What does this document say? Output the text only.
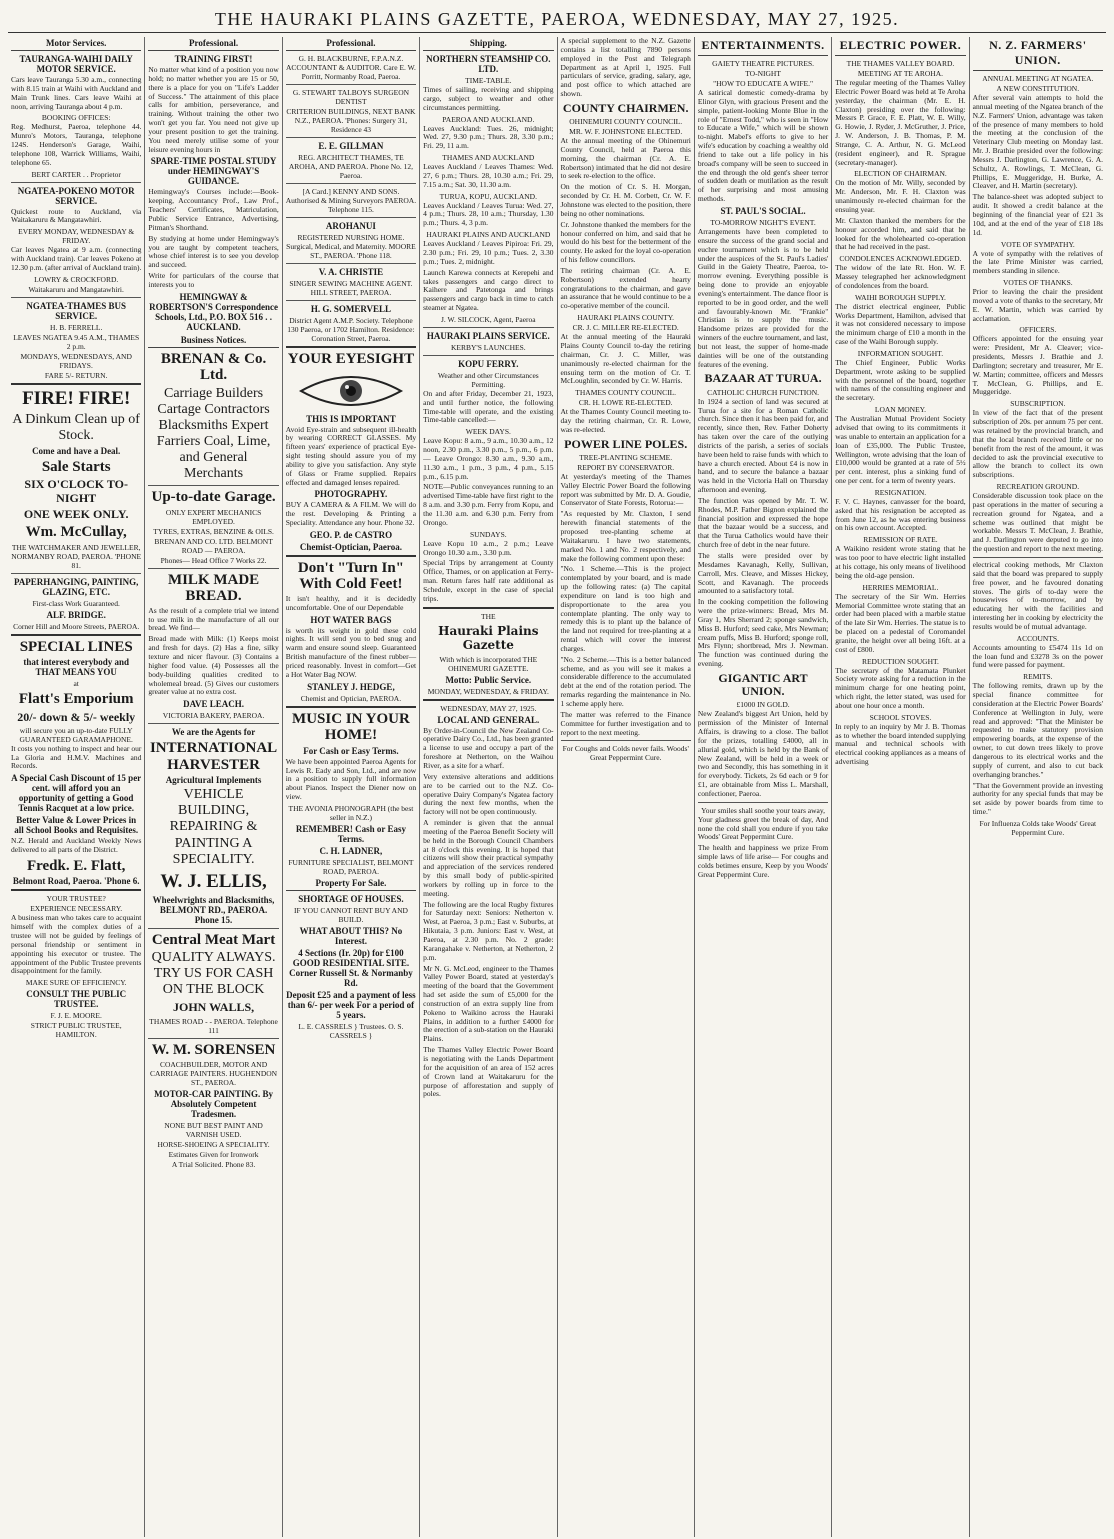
THE HAURAKI PLAINS GAZETTE, PAEROA, WEDNESDAY, MAY 27, 1925.
Motor Services.
TAURANGA-WAIHI DAILY MOTOR SERVICE.

Cars leave Tauranga 5.30 a.m., connecting with 8.15 train at Waihi with Auckland and Main Trunk lines. Cars leave Waihi at noon, arriving Tauranga about 4 p.m.

BOOKING OFFICES:

Reg. Medhurst, Paeroa, telephone 44. Munro's Motors, Tauranga, telephone 124S. Henderson's Garage, Waihi, telephone 108, Warrick Williams, Waihi, telephone 65.

BERT CARTER . . Proprietor
NGATEA-POKENO MOTOR SERVICE.

Quickest route to Auckland, via Waitakaruru & Mangatawhiri.

EVERY MONDAY, WEDNESDAY & FRIDAY.

Car leaves Ngatea at 9 a.m. (connecting with Auckland train). Car leaves Pokeno at 12.30 p.m. (after arrival of Auckland train).

LOWRY & CROCKFORD.
Waitakaruru and Mangatawhiri.
NGATEA-THAMES BUS SERVICE.
H. B. FERRELL.
LEAVES NGATEA 9.45 A.M., THAMES 2 p.m.
MONDAYS, WEDNESDAYS, AND FRIDAYS.
FARE 5/- RETURN.
FIRE! FIRE!
A Dinkum Clean up of Stock.
Come and have a Deal.
Sale Starts
SIX O'CLOCK TO-NIGHT
ONE WEEK ONLY.
Wm. McCullay,
THE WATCHMAKER AND JEWELLER, NORMANBY ROAD, PAEROA. 'PHONE 81.
PAPERHANGING, PAINTING, GLAZING, ETC.
First-class Work Guaranteed.
ALF. BRIDGE.
Corner Hill and Moore Streets, PAEROA.
SPECIAL LINES
that interest everybody and THAT MEANS YOU
at
Flatt's Emporium
20/- down & 5/- weekly
will secure you an up-to-date FULLY GUARANTEED GARAMAPHONE.

It costs you nothing to inspect and hear our La Gloria and H.M.V. Machines and Records.

A Special Cash Discount of 15 per cent. will afford you an opportunity of getting a Good Tennis Racquet at a low price.
Better Value & Lower Prices in all School Books and Requisites.

N.Z. Herald and Auckland Weekly News delivered to all parts of the District.

Fredk. E. Flatt,
Belmont Road, Paeroa. 'Phone 6.
YOUR TRUSTEE?
EXPERIENCE NECESSARY.

A business man who takes care to acquaint himself with the complex duties of a trustee will not be guided by feelings of personal friendship or sentiment in appointing his executor or trustee. The appointment of the Public Trustee prevents disappointment for the family.

MAKE SURE OF EFFICIENCY.
CONSULT THE PUBLIC TRUSTEE.
F. J. E. MOORE.
STRICT PUBLIC TRUSTEE, HAMILTON.
Professional.
TRAINING FIRST!

No matter what kind of a position you now hold; no matter whether you are 15 or 50, there is a place for you on "Life's Ladder of Success." The attainment of this place calls for ambition, perseverance, and training. Without training the other two won't get you far. You need not give up your present position to get the training. You need merely utilise some of your leisure evening hours in

SPARE-TIME POSTAL STUDY under HEMINGWAY'S GUIDANCE.

Hemingway's Courses include:—Book-keeping, Accountancy Prof., Law Prof., Teachers' Certificates, Matriculation, Public Service Entrance, Advertising, Pitman's Shorthand.

By studying at home under Hemingway's you are taught by competent teachers, whose chief interest is to see you develop and succeed.

Write for particulars of the course that interests you to

HEMINGWAY & ROBERTSON'S Correspondence Schools, Ltd., P.O. BOX 516 . . AUCKLAND.
Business Notices.
BRENAN & Co. Ltd.
Carriage Builders Cartage Contractors Blacksmiths Expert Farriers Coal, Lime, and General Merchants
Up-to-date Garage.
ONLY EXPERT MECHANICS EMPLOYED.
TYRES, EXTRAS, BENZINE & OILS.
BRENAN AND CO. LTD. BELMONT ROAD — PAEROA.
Phones— Head Office 7 Works 22.
MILK MADE BREAD.

As the result of a complete trial we intend to use milk in the manufacture of all our bread. We find—

Bread made with Milk: (1) Keeps moist and fresh for days. (2) Has a fine, silky texture and nicer flavour. (3) Contains a higher food value. (4) Possesses all the body-building qualities credited to wholemeal bread. (5) Gives our customers greater value at no extra cost.

DAVE LEACH.
VICTORIA BAKERY, PAEROA.
We are the Agents for
INTERNATIONAL HARVESTER
Agricultural Implements
VEHICLE BUILDING, REPAIRING & PAINTING A SPECIALITY.
W. J. ELLIS,
Wheelwrights and Blacksmiths, BELMONT RD., PAEROA. Phone 15.
Central Meat Mart
QUALITY ALWAYS. TRY US FOR CASH ON THE BLOCK
JOHN WALLS,
THAMES ROAD - - PAEROA. Telephone 111
W. M. SORENSEN
COACHBUILDER, MOTOR AND CARRIAGE PAINTERS. HUGHENDON ST., PAEROA.
MOTOR-CAR PAINTING. By Absolutely Competent Tradesmen.
NONE BUT BEST PAINT AND VARNISH USED.
HORSE-SHOEING A SPECIALITY.
Estimates Given for Ironwork
A Trial Solicited. Phone 83.
Professional.
G. H. BLACKBURNE, F.P.A.N.Z. ACCOUNTANT & AUDITOR. Care E. W. Porritt, Normanby Road, Paeroa.
G. STEWART TALBOYS SURGEON DENTIST
CRITERION BUILDINGS, NEXT BANK N.Z., PAEROA. 'Phones: Surgery 31, Residence 43
E. E. GILLMAN
REG. ARCHITECT THAMES, TE AROHA, AND PAEROA. Phone No. 12, Paeroa.
[A Card.] KENNY AND SONS. Authorised & Mining Surveyors PAEROA. Telephone 115.
AROHANUI
REGISTERED NURSING HOME. Surgical, Medical, and Maternity. MOORE ST., PAEROA. 'Phone 118.
V. A. CHRISTIE
SINGER SEWING MACHINE AGENT. HILL STREET, PAEROA.
H. G. SOMERVELL
District Agent A.M.P. Society. Telephone 130 Paeroa, or 1702 Hamilton. Residence: Coronation Street, Paeroa.
YOUR EYESIGHT
THIS IS IMPORTANT

Avoid Eye-strain and subsequent ill-health by wearing CORRECT GLASSES. My fifteen years' experience of practical Eye-sight testing should assure you of my ability to give you satisfaction. Any style of Glass or Frame supplied. Repairs effected and damaged lenses repaired.

PHOTOGRAPHY.

BUY A CAMERA & A FILM. We will do the rest. Developing & Printing a Speciality. Attendance any hour. Phone 32.

GEO. P. de CASTRO
Chemist-Optician, Paeroa.
Don't "Turn In" With Cold Feet!

It isn't healthy, and it is decidedly uncomfortable. One of our Dependable

HOT WATER BAGS

is worth its weight in gold these cold nights. It will send you to bed snug and warm and ensure sound sleep. Guaranteed British manufacture of the finest rubber—priced reasonably. Invest in comfort—Get a Hot Water Bag NOW.

STANLEY J. HEDGE,
Chemist and Optician, PAEROA.
MUSIC IN YOUR HOME!
For Cash or Easy Terms.

We have been appointed Paeroa Agents for Lewis R. Eady and Son, Ltd., and are now in a position to supply full information about Pianos. Inspect the Diener now on view.

THE AVONIA PHONOGRAPH (the best seller in N.Z.)
REMEMBER! Cash or Easy Terms.
C. H. LADNER,
FURNITURE SPECIALIST, BELMONT ROAD, PAEROA.
Property For Sale.
SHORTAGE OF HOUSES.
IF YOU CANNOT RENT BUY AND BUILD.
WHAT ABOUT THIS? No Interest.
4 Sections (Ir. 20p) for £100 GOOD RESIDENTIAL SITE. Corner Russell St. & Normanby Rd.
Deposit £25 and a payment of less than 6/- per week For a period of 5 years.
L. E. CASSRELS } Trustees. O. S. CASSRELS }
Shipping.
NORTHERN STEAMSHIP CO. LTD.
TIME-TABLE.

Times of sailing, receiving and shipping cargo, subject to weather and other circumstances permitting.

PAEROA AND AUCKLAND.

Leaves Auckland: Tues. 26, midnight; Wed. 27, 9.30 p.m.; Thurs. 28, 3.30 p.m.; Fri. 29, 11 a.m.

THAMES AND AUCKLAND

Leaves Auckland / Leaves Thames: Wed. 27, 6 p.m.; Thurs. 28, 10.30 a.m.; Fri. 29, 7.15 a.m.; Sat. 30, 11.30 a.m.

TURUA, KOPU, AUCKLAND.

Leaves Auckland / Leaves Turua: Wed. 27, 4 p.m.; Thurs. 28, 10 a.m.; Thursday, 1.30 p.m.; Thurs. 4, 3 p.m.

HAURAKI PLAINS AND AUCKLAND

Leaves Auckland / Leaves Pipiroa: Fri. 29, 2.30 p.m.; Fri. 29, 10 p.m.; Tues. 2, 3.30 p.m.; Tues. 2, midnight.

Launch Karewa connects at Kerepehi and takes passengers and cargo direct to Kaihere and Patetonga and brings passengers and cargo back in time to catch steamer at Ngatea.

J. W. SILCOCK, Agent, Paeroa
HAURAKI PLAINS SERVICE.
KERBY'S LAUNCHES.
KOPU FERRY.
Weather and other Circumstances Permitting.

On and after Friday, December 21, 1923, and until further notice, the following Time-table will operate, and the existing Time-table cancelled:—

WEEK DAYS.

Leave Kopu: 8 a.m., 9 a.m., 10.30 a.m., 12 noon, 2.30 p.m., 3.30 p.m., 5 p.m., 6 p.m. — Leave Orongo: 8.30 a.m., 9.30 a.m., 11.30 a.m., 1 p.m., 3 p.m., 4 p.m., 5.15 p.m., 6.15 p.m.

NOTE—Public conveyances running to an advertised Time-table have first right to the 8 a.m. and 3.30 p.m. Ferry from Kopu, and the 11.30 a.m. and 6.30 p.m. Ferry from Orongo.

SUNDAYS.

Leave Kopu 10 a.m., 2 p.m.; Leave Orongo 10.30 a.m., 3.30 p.m.

Special Trips by arrangement at County Office, Thames, or on application at Ferry-man. Return fares half rate additional as Schedule, except in the case of special trips.

THE
Hauraki Plains Gazette
With which is incorporated THE OHINEMURI GAZETTE.
Motto: Public Service.
MONDAY, WEDNESDAY, & FRIDAY.
WEDNESDAY, MAY 27, 1925.
LOCAL AND GENERAL.

By Order-in-Council the New Zealand Co-operative Dairy Co., Ltd., has been granted a license to use and occupy a part of the foreshore at Netherton, on the Waihou River, as a site for a wharf.

Very extensive alterations and additions are to be carried out to the N.Z. Co-operative Dairy Company's Ngatea factory during the next few months, when the factory will not be open continuously.

A reminder is given that the annual meeting of the Paeroa Benefit Society will be held in the Borough Council Chambers at 8 o'clock this evening. It is hoped that citizens will show their practical sympathy and appreciation of the services rendered by this small body of public-spirited workers by rolling up in force to the meeting.

The following are the local Rugby fixtures for Saturday next: Seniors: Netherton v. West, at Paeroa, 3 p.m.; East v. Suburbs, at Hikutaia, 3 p.m. Juniors: East v. West, at Paeroa, at 2.30 p.m. No. 2 grade: Karangahake v. Netherton, at Netherton, 2 p.m.

Mr N. G. McLeod, engineer to the Thames Valley Power Board, stated at yesterday's meeting of the board that the Government had set aside the sum of £5,000 for the construction of an extra supply line from Pokeno to Waikino across the Hauraki Plains, in addition to a further £4000 for the erection of a sub-station on the Hauraki Plains.

The Thames Valley Electric Power Board is negotiating with the Lands Department for the acquisition of an area of 152 acres of Crown land at Waitakaruru for the purpose of afforestation and supply of poles.

A special supplement to the N.Z. Gazette contains a list totalling 7890 persons employed in the Post and Telegraph Department as at April 1, 1925. Full particulars of service, grading, salary, age, and post office to which attached are shown.

COUNTY CHAIRMEN.
OHINEMURI COUNTY COUNCIL.
MR. W. F. JOHNSTONE ELECTED.

At the annual meeting of the Ohinemuri County Council, held at Paeroa this morning, the chairman (Cr. A. E. Robertson) intimated that he did not desire to seek re-election to the office.

On the motion of Cr. S. H. Morgan, seconded by Cr. H. M. Corbett, Cr. W. F. Johnstone was elected to the position, there being no other nominations.

Cr. Johnstone thanked the members for the honour conferred on him, and said that he would do his best for the betterment of the county. He asked for the loyal co-operation of his fellow councillors.

The retiring chairman (Cr. A. E. Robertson) extended hearty congratulations to the chairman, and gave an assurance that he would continue to be a co-operative member of the council.

HAURAKI PLAINS COUNTY.
CR. J. C. MILLER RE-ELECTED.

At the annual meeting of the Hauraki Plains County Council to-day the retiring chairman, Cr. J. C. Miller, was unanimously re-elected chairman for the ensuing term on the motion of Cr. T. McLoughlin, seconded by Cr. W. Harris.

THAMES COUNTY COUNCIL.
CR. H. LOWE RE-ELECTED.

At the Thames County Council meeting to-day the retiring chairman, Cr. R. Lowe, was re-elected.

POWER LINE POLES.
TREE-PLANTING SCHEME.
REPORT BY CONSERVATOR.

At yesterday's meeting of the Thames Valley Electric Power Board the following report was submitted by Mr. D. A. Goudie, Conservator of State Forests, Rotorua:—

"As requested by Mr. Claxton, I send herewith financial statements of the proposed tree-planting scheme at Waitakaruru. I have two statements, marked No. 1 and No. 2 respectively, and make the following comment upon these:

"No. 1 Scheme.—This is the project contemplated by your board, and is made up the following rates: (a) The capital expenditure on land is too high and disproportionate to the area you contemplate planting. The only way to remedy this is to plant up the balance of the land not required for tree-planting at a rental which will cover the interest charges.

"No. 2 Scheme.—This is a better balanced scheme, and as you will see it makes a considerable difference to the accumulated debt at the end of the rotation period. The remarks regarding the maintenance in No. 1 scheme apply here.

The matter was referred to the Finance Committee for further investigation and to report to the next meeting.

For Coughs and Colds never fails. Woods' Great Peppermint Cure.
ENTERTAINMENTS.
GAIETY THEATRE PICTURES.
TO-NIGHT
"HOW TO EDUCATE A WIFE."

A satirical domestic comedy-drama by Elinor Glyn, with gracious Present and the simple, patient-looking Monte Blue in the role of "Ernest Todd," who is seen in "How to Educate a Wife," which will be shown to-night. Mabel's efforts to give to her wife's education by coaching a wealthy old friend to take out a life policy in his broad's company will be seen to succeed in the end through the old gent's sheer terror of sudden death or mutilation as the result of her surprising and most amusing methods.

ST. PAUL'S SOCIAL.
TO-MORROW NIGHT'S EVENT.

Arrangements have been completed to ensure the success of the grand social and euchre tournament which is to be held under the auspices of the St. Paul's Ladies' Guild in the Gaiety Theatre, Paeroa, to-morrow evening. Everything possible is being done to provide an enjoyable evening's entertainment. The dance floor is reported to be in good order, and the well and favourably-known Mr. "Frankie" Christian is to supply the music. Handsome prizes are provided for the winners of the euchre tournament, and last, but not least, the supper of home-made dainties will be one of the outstanding features of the evening.

BAZAAR AT TURUA.
CATHOLIC CHURCH FUNCTION.

In 1924 a section of land was secured at Turua for a site for a Roman Catholic church. Since then it has been paid for, and recently, since then, Rev. Father Doherty has taken over the care of the outlying districts of the parish, a series of socials have been held to raise funds with which to have a church erected. About £4 is now in hand, and to secure the balance a bazaar was held in the Victoria Hall on Thursday afternoon and evening.

The function was opened by Mr. T. W. Rhodes, M.P. Father Bignon explained the financial position and expressed the hope that the bazaar would be a success, and that the Turua Catholics would have their church free of debt in the near future.

The stalls were presided over by Mesdames Kavanagh, Kelly, Sullivan, Carroll, Mrs. Cleave, and Misses Hickey, Scott, and Kavanagh. The proceeds amounted to a satisfactory total.

In the cooking competition the following were the prize-winners: Bread, Mrs M. Gray 1, Mrs Sherrard 2; sponge sandwich, Miss B. Hurford; seed cake, Mrs Newman; cream puffs, Miss B. Hurford; sponge roll, Mrs Flynn; shortbread, Mrs J. Newman. The function was continued during the evening.

GIGANTIC ART UNION.
£1000 IN GOLD.

New Zealand's biggest Art Union, held by permission of the Minister of Internal Affairs, is drawing to a close. The ballot for the prizes, totalling £4000, all in allurial gold, which is held by the Bank of New Zealand, will be held in a week or two and Secondly, this has something in it for everybody. Tickets, 2s 6d each or 9 for £1, are obtainable from Miss L. Marshall, confectioner, Paeroa.

Your smiles shall soothe your tears away,

Your gladness greet the break of day, And none the cold shall you endure if you take Woods' Great Peppermint Cure.

The health and happiness we prize From simple laws of life arise— For coughs and colds betimes ensure, Keep by you Woods' Great Peppermint Cure.

ELECTRIC POWER.
THE THAMES VALLEY BOARD.
MEETING AT TE AROHA.

The regular meeting of the Thames Valley Electric Power Board was held at Te Aroha yesterday, the chairman (Mr. E. H. Claxton) presiding over the following: Messrs P. Grace, F. E. Platt, W. E. Willy, G. Howie, J. Ryder, J. McGruther, J. Price, J. W. Anderson, J. B. Thomas, P. M. Strange, C. A. Arthur, N. G. McLeod (resident engineer), and R. Sprague (secretary-manager).

ELECTION OF CHAIRMAN.

On the motion of Mr. Willy, seconded by Mr. Anderson, Mr. F. H. Claxton was unanimously re-elected chairman for the ensuing year.

Mr. Claxton thanked the members for the honour accorded him, and said that he looked for the wholehearted co-operation that he had received in the past.

CONDOLENCES ACKNOWLEDGED.

The widow of the late Rt. Hon. W. F. Massey telegraphed her acknowledgment of condolences from the board.

WAIHI BOROUGH SUPPLY.

The district electrical engineer, Public Works Department, Hamilton, advised that it was not considered necessary to impose the minimum charge of £10 a month in the case of the Waihi Borough supply.

INFORMATION SOUGHT.

The Chief Engineer, Public Works Department, wrote asking to be supplied with the personnel of the board, together with names of the consulting engineer and the secretary.

LOAN MONEY.

The Australian Mutual Provident Society advised that owing to its commitments it was unable to entertain an application for a loan of £35,000. The Public Trustee, Wellington, wrote advising that the loan of £10,000 would be granted at a rate of 5½ per cent. interest, plus a sinking fund of one per cent. for a term of twenty years.

RESIGNATION.

F. V. C. Haynes, canvasser for the board, asked that his resignation be accepted as from June 12, as he was entering business on his own account. Accepted.

REMISSION OF RATE.

A Waikino resident wrote stating that he was too poor to have electric light installed at his cottage, his only means of livelihood being the old-age pension.

HERRIES MEMORIAL.

The secretary of the Sir Wm. Herries Memorial Committee wrote stating that an order had been placed with a marble statue of the late Sir Wm. Herries. The statue is to be placed on a pedestal of Coromandel granite, the height over all being 16ft. at a cost of £800.

REDUCTION SOUGHT.

The secretary of the Matamata Plunket Society wrote asking for a reduction in the minimum charge for one heating point, which right, the letter stated, was used for about one hour once a month.

SCHOOL STOVES.

In reply to an inquiry by Mr J. B. Thomas as to whether the board intended supplying manual and technical schools with electrical cooking appliances as a means of advertising

N. Z. FARMERS' UNION.
ANNUAL MEETING AT NGATEA.
A NEW CONSTITUTION.

After several vain attempts to hold the annual meeting of the Ngatea branch of the N.Z. Farmers' Union, advantage was taken of the presence of many members to hold the meeting at the conclusion of the Veterinary Club meeting on Monday last. Mr. J. Brathie presided over the following: Messrs J. Darlington, G. Lawrence, G. A. Schultz, A. Rowlings, T. McClean, G. Phillips, E. Muggeridge, H. Burke, A. Cleaver, and H. Martin (secretary).

The balance-sheet was adopted subject to audit. It showed a credit balance at the beginning of the financial year of £21 3s 10d, and at the end of the year of £18 18s 1d.

VOTE OF SYMPATHY.

A vote of sympathy with the relatives of the late Prime Minister was carried, members standing in silence.

VOTES OF THANKS.

Prior to leaving the chair the president moved a vote of thanks to the secretary, Mr E. W. Martin, which was carried by acclamation.

OFFICERS.

Officers appointed for the ensuing year were: President, Mr A. Cleaver; vice-presidents, Messrs J. Brathie and J. Darlington; secretary and treasurer, Mr E. W. Martin; committee, officers and Messrs T. McClean, G. Phillips, and E. Muggeridge.

SUBSCRIPTION.

In view of the fact that of the present subscription of 20s. per annum 75 per cent. was retained by the provincial branch, and that the local branch received little or no benefit from the rest of the amount, it was decided to ask the provincial executive to allow the branch to collect its own subscriptions.

RECREATION GROUND.

Considerable discussion took place on the past operations in the matter of securing a recreation ground for Ngatea, and a scheme was outlined that might be workable. Messrs T. McClean, J. Brathie, and J. Darlington were deputed to go into the question and report to the next meeting.

electrical cooking methods, Mr Claxton said that the board was prepared to supply free power, and he favoured donating stoves. The girls of to-day were the housewives of to-morrow, and by educating her with the facilities and interesting her in cooking by electricity the results would be of mutual advantage.

ACCOUNTS.

Accounts amounting to £5474 11s 1d on the loan fund and £3278 3s on the power fund were passed for payment.

REMITS.

The following remits, drawn up by the special finance committee for consideration at the Electric Power Boards' Conference at Wellington in July, were read and approved: "That the Minister be requested to make statutory provision empowering boards, at the expense of the owner, to cut down trees likely to prove dangerous to its electrical works and the supply of current, and also to cut back overhanging branches."

"That the Government provide an investing authority for any special funds that may be set aside by power boards from time to time."

For Influenza Colds take Woods' Great Peppermint Cure.
